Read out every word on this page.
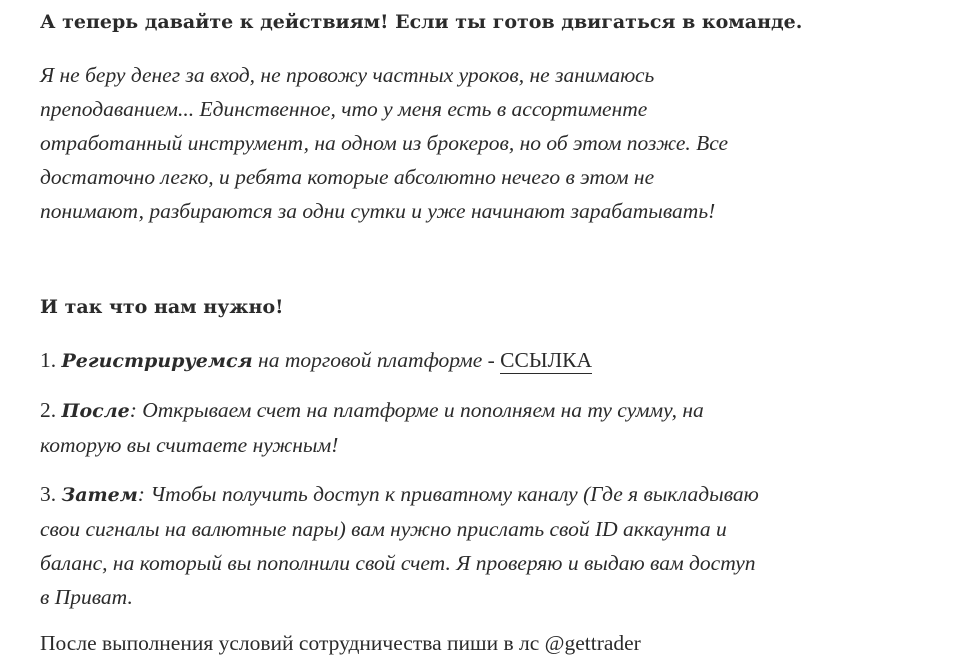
А теперь давайте к действиям! Если ты готов двигаться в команде.

Я не беру денег за вход, не провожу частных уроков, не занимаюсь
преподаванием... Единственное, что у меня есть в ассортименте
отработанный инструмент, на одном из брокеров, но об этом позже. Все
достаточно легко, и ребята которые абсолютно нечего в этом не
понимают, разбираются за одни сутки и уже начинают зарабатывать!

И так что нам нужно!

1. Регистрируемся на торговой платформе - ССЫЛКА

2. После: Открываем счет на платформе и пополняем на ту сумму, на
которую вы считаете нужным!

3. Затем: Чтобы получить доступ к приватному каналу (Где я выкладываю
свои сигналы на валютные пары) вам нужно прислать свой ID аккаунта и
баланс, на который вы пополнили свой счет. Я проверяю и выдаю вам доступ
в Приват.

После выполнения условий сотрудничества пиши в лс @gettrader
